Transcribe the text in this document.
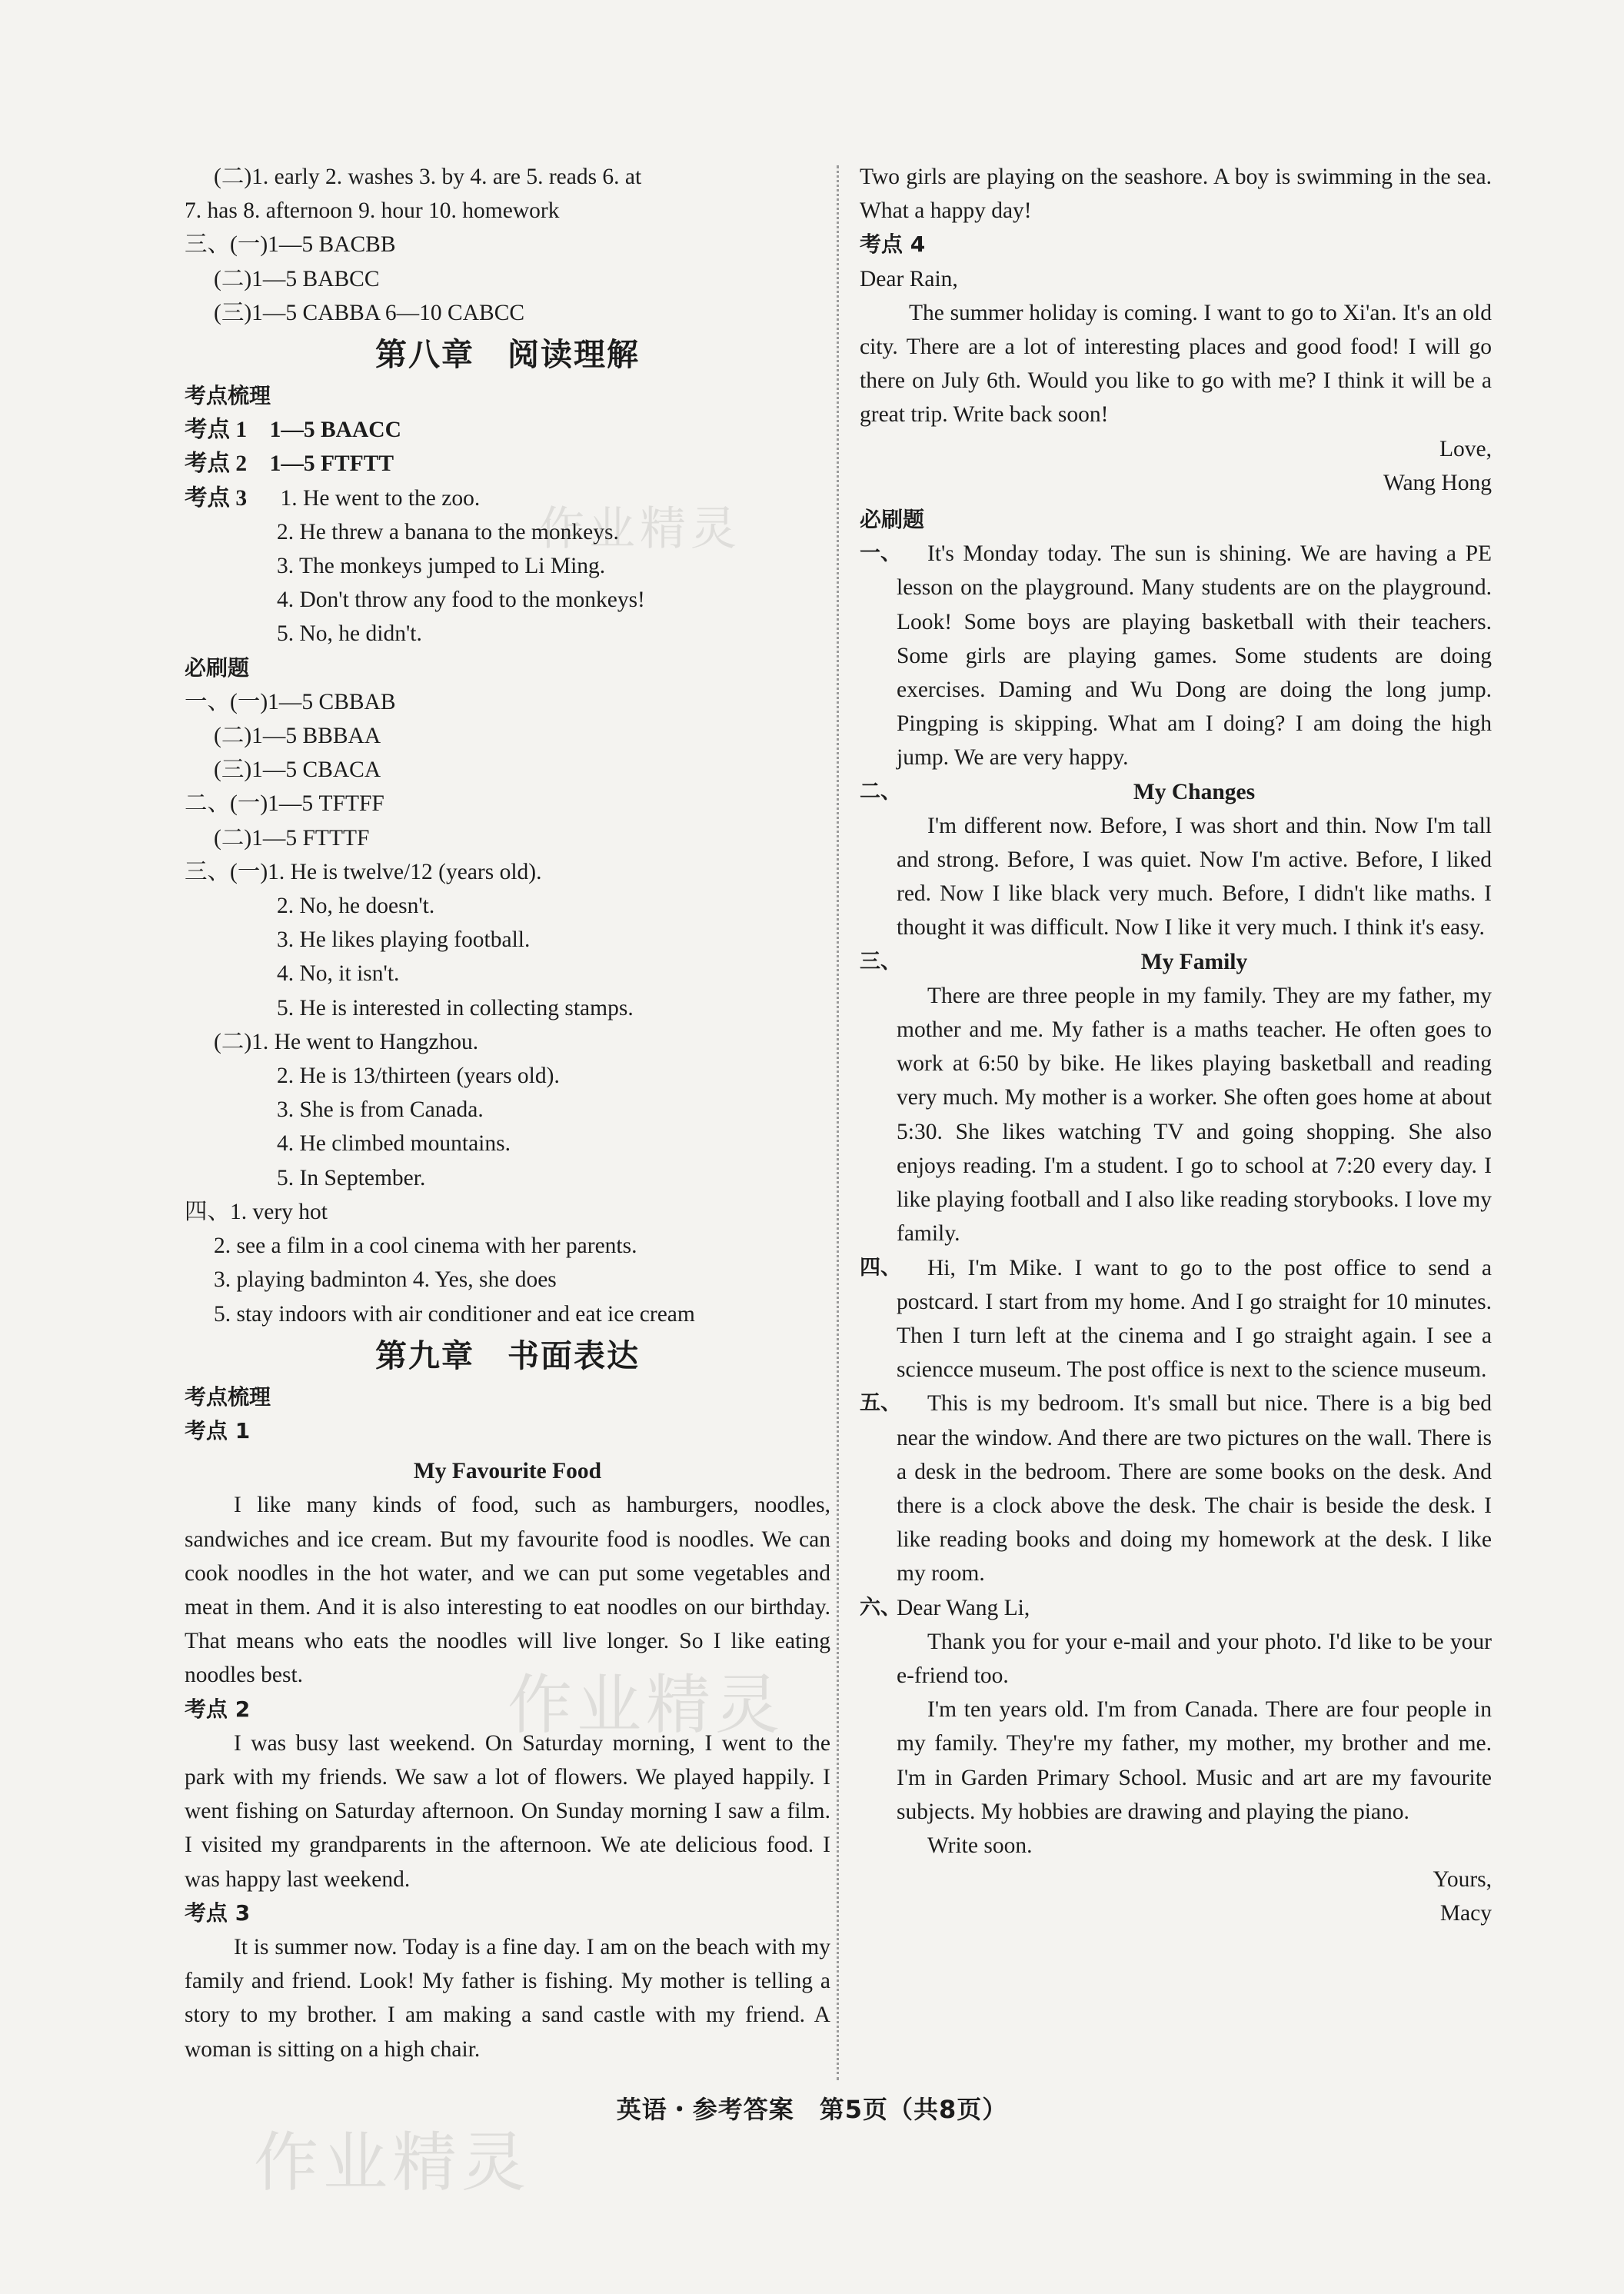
(二)1. early 2. washes 3. by 4. are 5. reads 6. at
7. has 8. afternoon 9. hour 10. homework
三、(一)1—5 BACBB
(二)1—5 BABCC
(三)1—5 CABBA 6—10 CABCC
第八章　阅读理解
考点梳理
考点 1　1—5 BAACC
考点 2　1—5 FTFTT
考点 3 1. He went to the zoo.
2. He threw a banana to the monkeys.
3. The monkeys jumped to Li Ming.
4. Don't throw any food to the monkeys!
5. No, he didn't.
必刷题
一、(一)1—5 CBBAB
(二)1—5 BBBAA
(三)1—5 CBACA
二、(一)1—5 TFTFF
(二)1—5 FTTTF
三、(一)1. He is twelve/12 (years old).
2. No, he doesn't.
3. He likes playing football.
4. No, it isn't.
5. He is interested in collecting stamps.
(二)1. He went to Hangzhou.
2. He is 13/thirteen (years old).
3. She is from Canada.
4. He climbed mountains.
5. In September.
四、1. very hot
2. see a film in a cool cinema with her parents.
3. playing badminton 4. Yes, she does
5. stay indoors with air conditioner and eat ice cream
第九章　书面表达
考点梳理
考点 1
My Favourite Food

I like many kinds of food, such as hamburgers, noodles, sandwiches and ice cream. But my favourite food is noodles. We can cook noodles in the hot water, and we can put some vegetables and meat in them. And it is also interesting to eat noodles on our birthday. That means who eats the noodles will live longer. So I like eating noodles best.

考点 2

I was busy last weekend. On Saturday morning, I went to the park with my friends. We saw a lot of flowers. We played happily. I went fishing on Saturday afternoon. On Sunday morning I saw a film. I visited my grandparents in the afternoon. We ate delicious food. I was happy last weekend.

考点 3

It is summer now. Today is a fine day. I am on the beach with my family and friend. Look! My father is fishing. My mother is telling a story to my brother. I am making a sand castle with my friend. A woman is sitting on a high chair.

Two girls are playing on the seashore. A boy is swimming in the sea. What a happy day!

考点 4
Dear Rain,

The summer holiday is coming. I want to go to Xi'an. It's an old city. There are a lot of interesting places and good food! I will go there on July 6th. Would you like to go with me? I think it will be a great trip. Write back soon!

Love,
Wang Hong
必刷题
一、	It's Monday today. The sun is shining. We are having a PE lesson on the playground. Many students are on the playground. Look! Some boys are playing basketball with their teachers. Some girls are playing games. Some students are doing exercises. Daming and Wu Dong are doing the long jump. Pingping is skipping. What am I doing? I am doing the high jump. We are very happy.

二、	My Changes

I'm different now. Before, I was short and thin. Now I'm tall and strong. Before, I was quiet. Now I'm active. Before, I liked red. Now I like black very much. Before, I didn't like maths. I thought it was difficult. Now I like it very much. I think it's easy.

三、	My Family

There are three people in my family. They are my father, my mother and me. My father is a maths teacher. He often goes to work at 6:50 by bike. He likes playing basketball and reading very much. My mother is a worker. She often goes home at about 5:30. She likes watching TV and going shopping. She also enjoys reading. I'm a student. I go to school at 7:20 every day. I like playing football and I also like reading storybooks. I love my family.

四、	Hi, I'm Mike. I want to go to the post office to send a postcard. I start from my home. And I go straight for 10 minutes. Then I turn left at the cinema and I go straight again. I see a sciencce museum. The post office is next to the science museum.

五、	This is my bedroom. It's small but nice. There is a big bed near the window. And there are two pictures on the wall. There is a desk in the bedroom. There are some books on the desk. And there is a clock above the desk. The chair is beside the desk. I like reading books and doing my homework at the desk. I like my room.

六、
Dear Wang Li,

Thank you for your e-mail and your photo. I'd like to be your e-friend too.

I'm ten years old. I'm from Canada. There are four people in my family. They're my father, my mother, my brother and me. I'm in Garden Primary School. Music and art are my favourite subjects. My hobbies are drawing and playing the piano.

Write soon.

Yours,
Macy
英语・参考答案　第5页（共8页）
作业精灵
作业精灵
作业精灵
